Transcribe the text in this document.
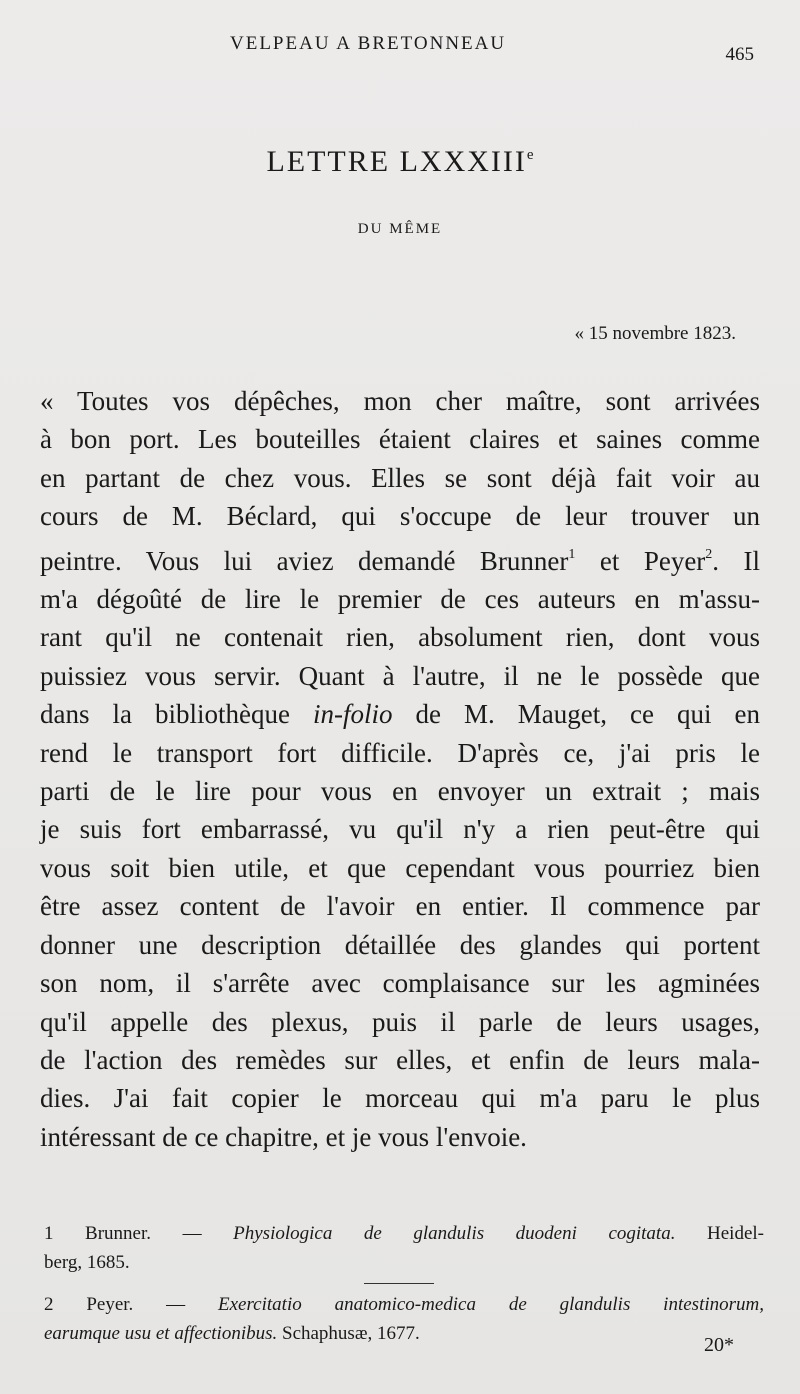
VELPEAU A BRETONNEAU
465
LETTRE LXXXIIIe
DU MÊME
« 15 novembre 1823.
« Toutes vos dépêches, mon cher maître, sont arrivées
à bon port. Les bouteilles étaient claires et saines comme
en partant de chez vous. Elles se sont déjà fait voir au
cours de M. Béclard, qui s'occupe de leur trouver un
peintre. Vous lui aviez demandé Brunner$^1$ et Peyer$^2$. Il
m'a dégoûté de lire le premier de ces auteurs en m'assu-
rant qu'il ne contenait rien, absolument rien, dont vous
puissiez vous servir. Quant à l'autre, il ne le possède que
dans la bibliothèque in-folio de M. Mauget, ce qui en
rend le transport fort difficile. D'après ce, j'ai pris le
parti de le lire pour vous en envoyer un extrait ; mais
je suis fort embarrassé, vu qu'il n'y a rien peut-être qui
vous soit bien utile, et que cependant vous pourriez bien
être assez content de l'avoir en entier. Il commence par
donner une description détaillée des glandes qui portent
son nom, il s'arrête avec complaisance sur les agminées
qu'il appelle des plexus, puis il parle de leurs usages,
de l'action des remèdes sur elles, et enfin de leurs mala-
dies. J'ai fait copier le morceau qui m'a paru le plus
intéressant de ce chapitre, et je vous l'envoie.
1 Brunner. — Physiologica de glandulis duodeni cogitata. Heidel-
berg, 1685.
2 Peyer. — Exercitatio anatomico-medica de glandulis intestinorum,
earumque usu et affectionibus. Schaphusæ, 1677.
20*
